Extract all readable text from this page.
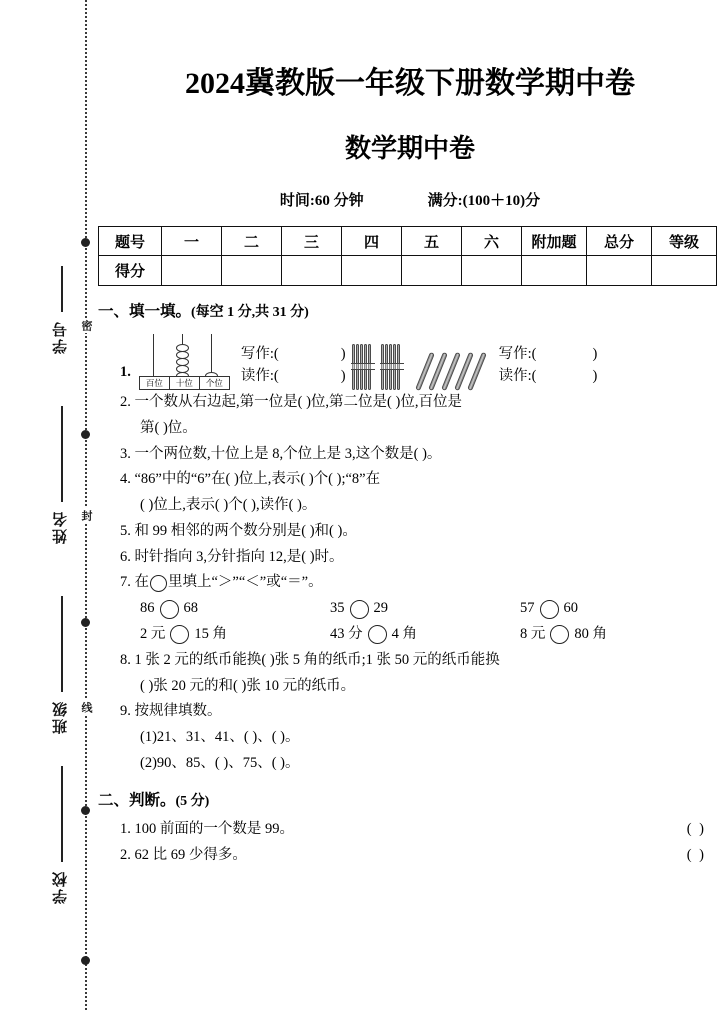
密
封
线
学号
姓名
班级
学校
2024冀教版一年级下册数学期中卷
数学期中卷
时间:60 分钟	满分:(100＋10)分
题号	一	二	三	四	五	六	附加题	总分	等级
得分									
一、填一填。(每空 1 分,共 31 分)
1.
百位	十位	个位
写作:(	)
读作:(	)
写作:(	)
读作:(	)
2. 一个数从右边起,第一位是( )位,第二位是( )位,百位是
第( )位。
3. 一个两位数,十位上是 8,个位上是 3,这个数是( )。
4. “86”中的“6”在( )位上,表示( )个( );“8”在
( )位上,表示( )个( ),读作( )。
5. 和 99 相邻的两个数分别是( )和( )。
6. 时针指向 3,分针指向 12,是( )时。
7. 在 里填上“＞”“＜”或“＝”。
86 68	35 29	57 60
2 元 15 角	43 分 4 角	8 元 80 角
8. 1 张 2 元的纸币能换( )张 5 角的纸币;1 张 50 元的纸币能换
( )张 20 元的和( )张 10 元的纸币。
9. 按规律填数。
(1)21、31、41、( )、( )。
(2)90、85、( )、75、( )。
二、判断。(5 分)
1. 100 前面的一个数是 99。	( )
2. 62 比 69 少得多。	( )
